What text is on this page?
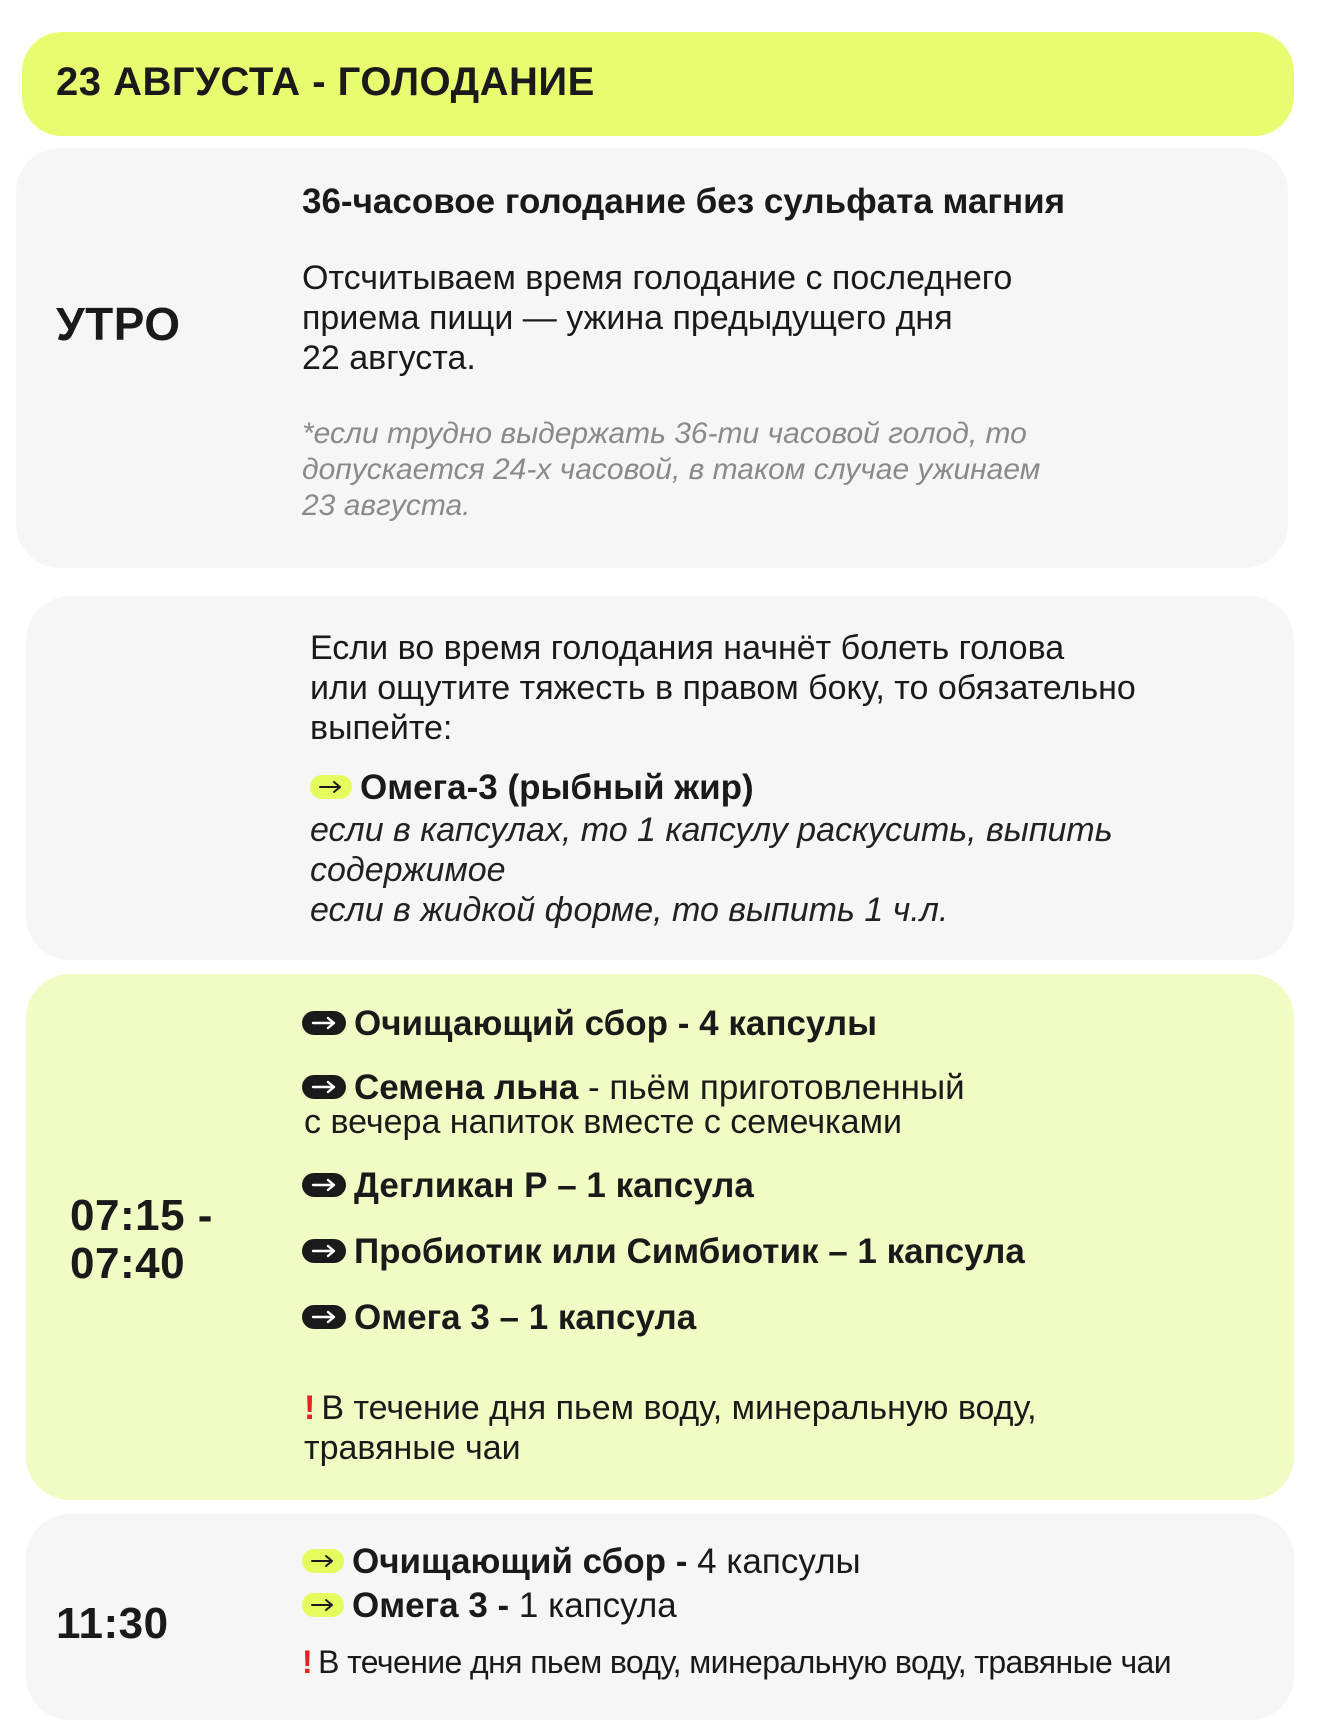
23 АВГУСТА - ГОЛОДАНИЕ
УТРО
36-часовое голодание без сульфата магния
Отсчитываем время голодание с последнего
приема пищи — ужина предыдущего дня
22 августа.
*если трудно выдержать 36-ти часовой голод, то
допускается 24-х часовой, в таком случае ужинаем
23 августа.
Если во время голодания начнёт болеть голова
или ощутите тяжесть в правом боку, то обязательно
выпейте:
Омега-3 (рыбный жир)
если в капсулах, то 1 капсулу раскусить, выпить
содержимое
если в жидкой форме, то выпить 1 ч.л.
07:15 -
07:40
Очищающий сбор - 4 капсулы
Семена льна - пьём приготовленный
с вечера напиток вместе с семечками
Дегликан Р – 1 капсула
Пробиотик или Симбиотик – 1 капсула
Омега 3 – 1 капсула
! В течение дня пьем воду, минеральную воду,
травяные чаи
11:30
Очищающий сбор - 4 капсулы
Омега 3 - 1 капсула
! В течение дня пьем воду, минеральную воду, травяные чаи
